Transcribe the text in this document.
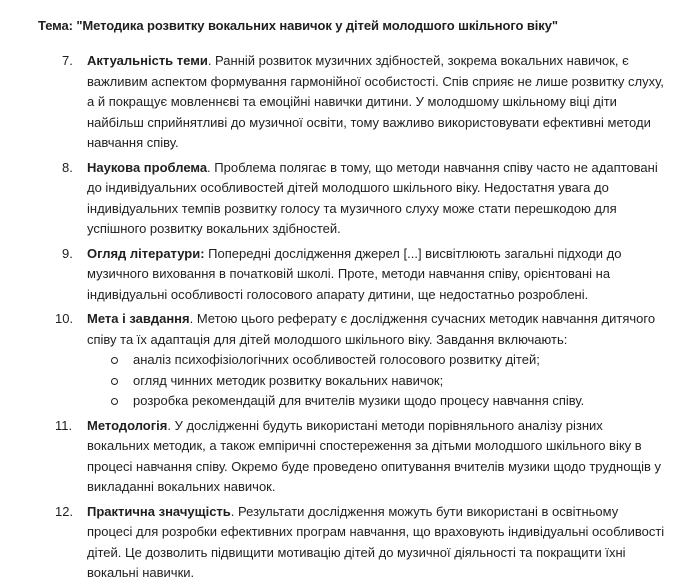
Тема: "Методика розвитку вокальних навичок у дітей молодшого шкільного віку"
7.	Актуальність теми. Ранній розвиток музичних здібностей, зокрема вокальних навичок, є важливим аспектом формування гармонійної особистості. Спів сприяє не лише розвитку слуху, а й покращує мовленнєві та емоційні навички дитини. У молодшому шкільному віці діти найбільш сприйнятливі до музичної освіти, тому важливо використовувати ефективні методи навчання співу.
8.	Наукова проблема. Проблема полягає в тому, що методи навчання співу часто не адаптовані до індивідуальних особливостей дітей молодшого шкільного віку. Недостатня увага до індивідуальних темпів розвитку голосу та музичного слуху може стати перешкодою для успішного розвитку вокальних здібностей.
9.	Огляд літератури: Попередні дослідження джерел [...] висвітлюють загальні підходи до музичного виховання в початковій школі. Проте, методи навчання співу, орієнтовані на індивідуальні особливості голосового апарату дитини, ще недостатньо розроблені.
10. Мета і завдання. Метою цього реферату є дослідження сучасних методик навчання дитячого співу та їх адаптація для дітей молодшого шкільного віку. Завдання включають:
аналіз психофізіологічних особливостей голосового розвитку дітей;
огляд чинних методик розвитку вокальних навичок;
розробка рекомендацій для вчителів музики щодо процесу навчання співу.
11. Методологія. У дослідженні будуть використані методи порівняльного аналізу різних вокальних методик, а також емпіричні спостереження за дітьми молодшого шкільного віку в процесі навчання співу. Окремо буде проведено опитування вчителів музики щодо труднощів у викладанні вокальних навичок.
12. Практична значущість. Результати дослідження можуть бути використані в освітньому процесі для розробки ефективних програм навчання, що враховують індивідуальні особливості дітей. Це дозволить підвищити мотивацію дітей до музичної діяльності та покращити їхні вокальні навички.
